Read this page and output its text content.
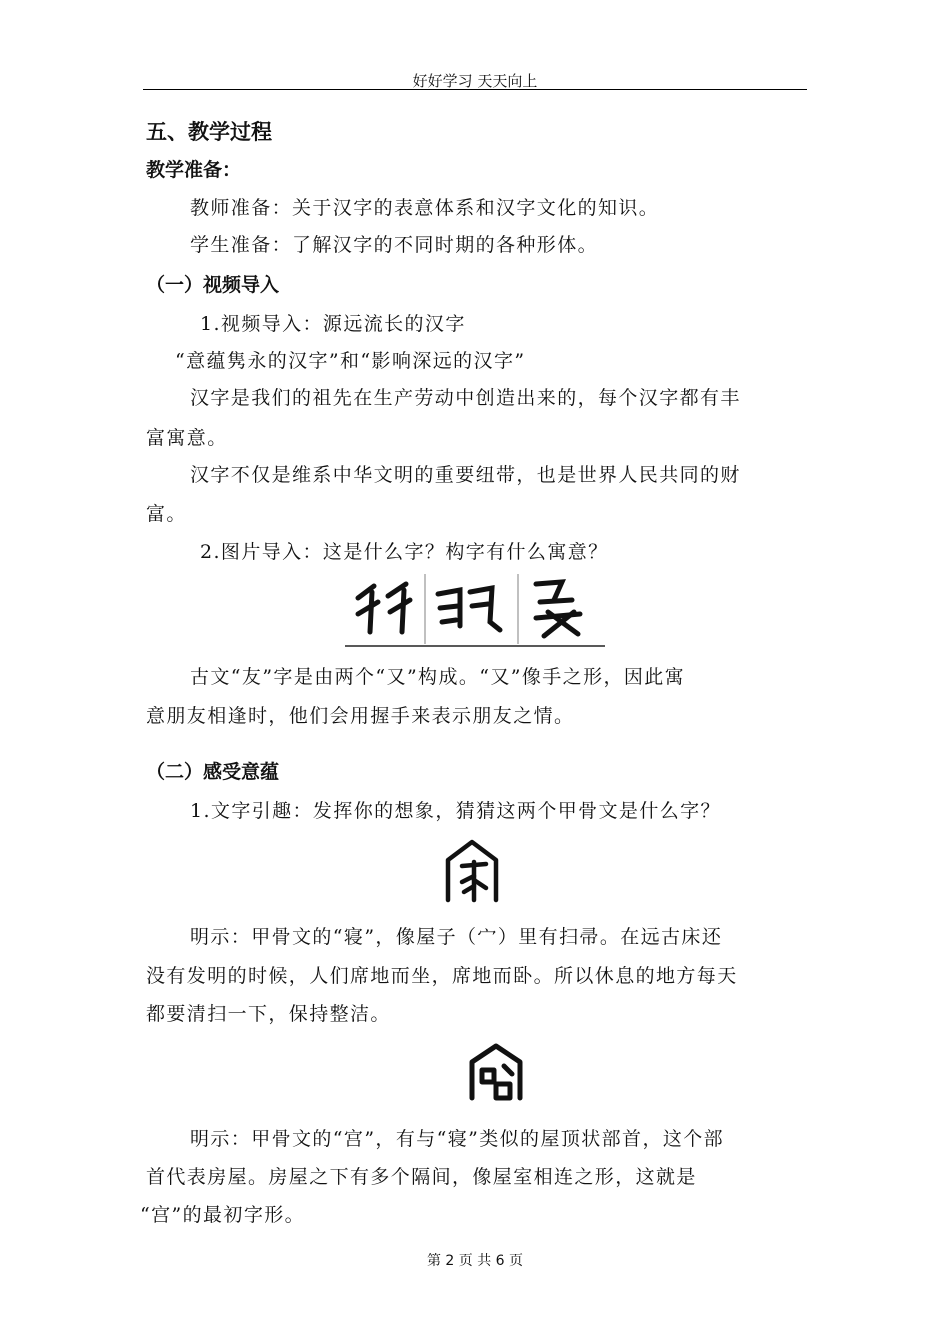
好好学习 天天向上
五、教学过程
教学准备：
教师准备：关于汉字的表意体系和汉字文化的知识。
学生准备：了解汉字的不同时期的各种形体。
（一）视频导入
1.视频导入：源远流长的汉字
“意蕴隽永的汉字”和“影响深远的汉字”
汉字是我们的祖先在生产劳动中创造出来的，每个汉字都有丰
富寓意。
汉字不仅是维系中华文明的重要纽带，也是世界人民共同的财
富。
2.图片导入：这是什么字？构字有什么寓意？
古文“友”字是由两个“又”构成。“又”像手之形，因此寓
意朋友相逢时，他们会用握手来表示朋友之情。
（二）感受意蕴
1.文字引趣：发挥你的想象，猜猜这两个甲骨文是什么字？
明示：甲骨文的“寝”，像屋子（宀）里有扫帚。在远古床还
没有发明的时候，人们席地而坐，席地而卧。所以休息的地方每天
都要清扫一下，保持整洁。
明示：甲骨文的“宫”，有与“寝”类似的屋顶状部首，这个部
首代表房屋。房屋之下有多个隔间，像屋室相连之形，这就是
“宫”的最初字形。
第 2 页 共 6 页
